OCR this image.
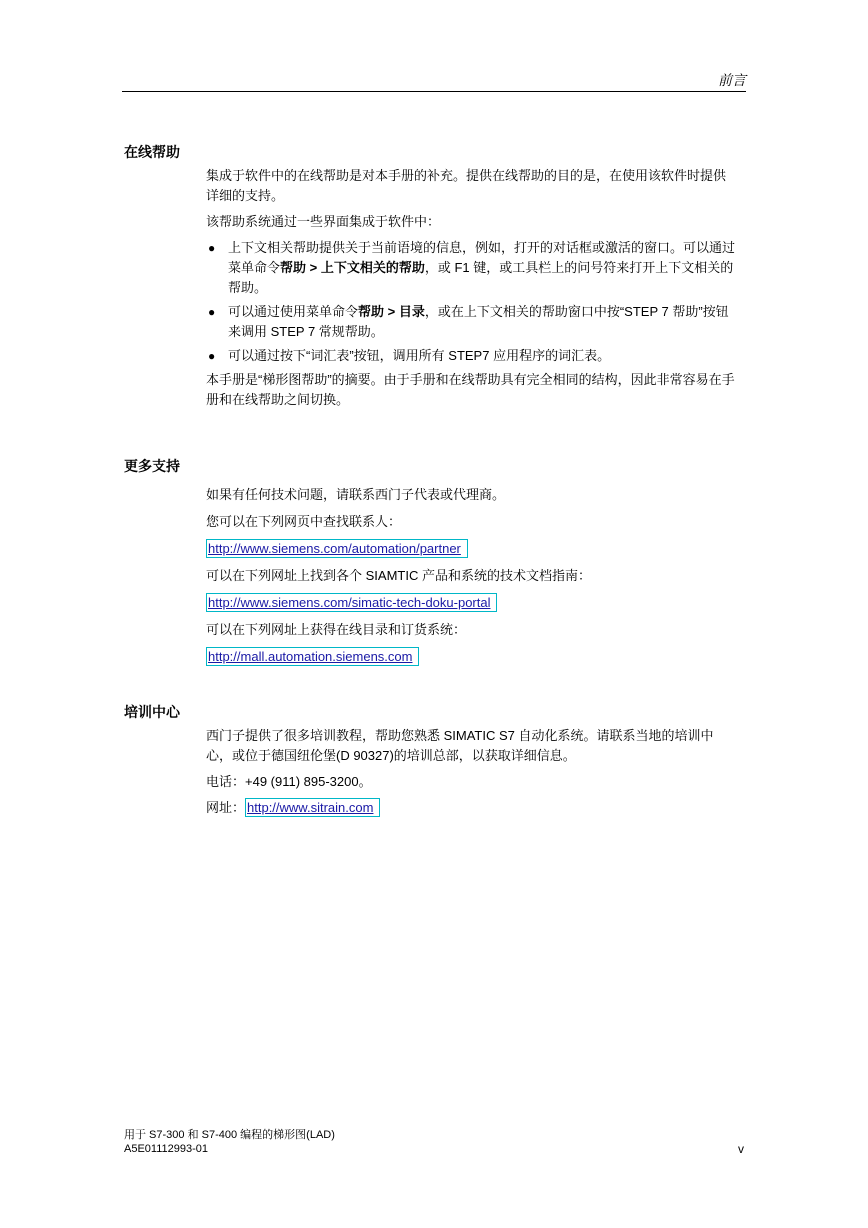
前言
在线帮助

集成于软件中的在线帮助是对本手册的补充。提供在线帮助的目的是，在使用该软件时提供详细的支持。

该帮助系统通过一些界面集成于软件中：

● 上下文相关帮助提供关于当前语境的信息，例如，打开的对话框或激活的窗口。可以通过菜单命令帮助 > 上下文相关的帮助，或 F1 键，或工具栏上的问号符来打开上下文相关的帮助。
● 可以通过使用菜单命令帮助 > 目录，或在上下文相关的帮助窗口中按“STEP 7 帮助”按钮来调用 STEP 7 常规帮助。
● 可以通过按下“词汇表”按钮，调用所有 STEP7 应用程序的词汇表。

本手册是“梯形图帮助”的摘要。由于手册和在线帮助具有完全相同的结构，因此非常容易在手册和在线帮助之间切换。

更多支持

如果有任何技术问题，请联系西门子代表或代理商。

您可以在下列网页中查找联系人：

http://www.siemens.com/automation/partner

可以在下列网址上找到各个 SIAMTIC 产品和系统的技术文档指南：

http://www.siemens.com/simatic-tech-doku-portal

可以在下列网址上获得在线目录和订货系统：

http://mall.automation.siemens.com

培训中心

西门子提供了很多培训教程，帮助您熟悉 SIMATIC S7 自动化系统。请联系当地的培训中心，或位于德国纽伦堡(D 90327)的培训总部，以获取详细信息。

电话：+49 (911) 895-3200。

网址： http://www.sitrain.com

用于 S7-300 和 S7-400 编程的梯形图(LAD)
A5E01112993-01	v
